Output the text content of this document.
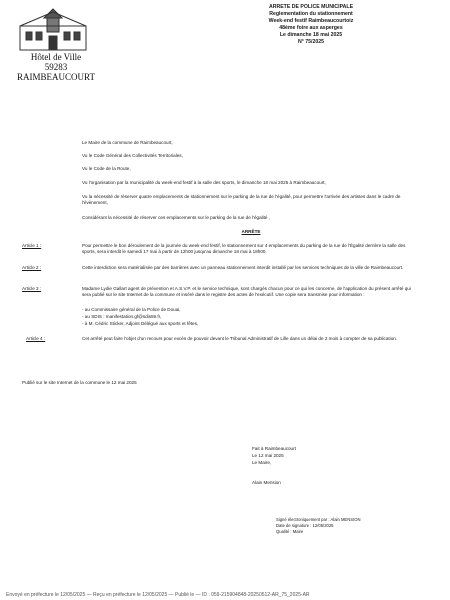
Hôtel de Ville
59283 RAIMBEAUCOURT
ARRETE DE POLICE MUNICIPALE
Reglementation du stationnement
Week-end festif Raimbeaucourtoiz
48ème foire aux asperges
Le dimanche 18 mai 2025
N° 75/2025
Le Maire de la commune de Raimbeaucourt,
Vu le Code Général des Collectivités Territoriales,
Vu le Code de la Route,
Vu l'organisation par la municipalité du week-end festif à la salle des sports, le dimanche 18 mai 2025 à Raimbeaucourt,
Vu la nécessité de réserver quatre emplacements de stationnement sur le parking de la rue de l'égalité, pour permettre l'arrivée des artistes dans le cadre de l'évènement,
Considérant la nécessité de réserver ces emplacements sur le parking de la rue de l'égalité ,
ARRÊTE
Article 1 :	Pour permettre le bon déroulement de la journée du week-end festif, le stationnement sur 4 emplacements du parking de la rue de l'Égalité derrière la salle des sports, sera interdit le samedi 17 mai à partir de 12h00 jusqu'au dimanche 18 mai à 18h00.
Article 2 :	Cette interdiction sera matérialisée par des barrières avec un panneau stationnement interdit installé par les services techniques de la ville de Raimbeaucourt.
Article 3 :	Madame Lydie Gallart agent de prévention et A.S.V.P. et le service technique, sont chargés chacun pour ce qui les concerne, de l'application du présent arrêté qui sera publié sur le site Internet de la commune et inséré dans le registre des actes de l'exécutif. Une copie sera transmise pour information :
- au Commissaire général de la Police de Douai,
- au SDIS : manifestation.gf@sdis59.fr,
- à M. Cédric Sticker, Adjoint Délégué aux sports et fêtes,
Article 4 :	Cet arrêté peut faire l'objet d'un recours pour excès de pouvoir devant le Tribunal Administratif de Lille dans un délai de 2 mois à compter de sa publication.
Publié sur le site Internet de la commune le 12 mai 2025
Fait à Raimbeaucourt
Le 12 mai 2025
Le Maire,
Alain Mension
Signé électroniquement par : Alain MENSION
Date de signature : 12/05/2025
Qualité : Maire
Envoyé en préfecture le 12/05/2025 — Reçu en préfecture le 12/05/2025 — Publié le — ID : 059-215904848-20250512-AR_75_2025-AR
